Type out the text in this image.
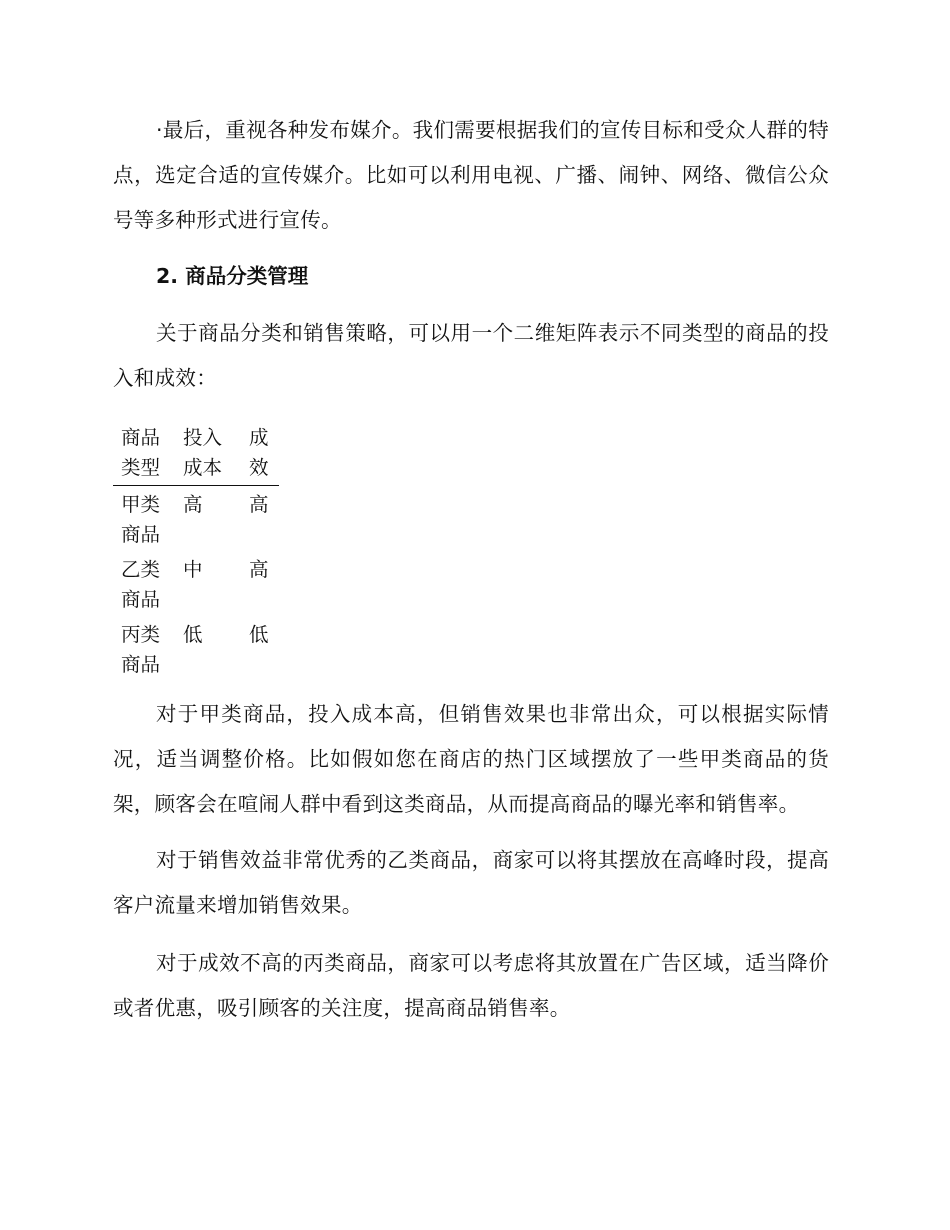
·最后，重视各种发布媒介。我们需要根据我们的宣传目标和受众人群的特点，选定合适的宣传媒介。比如可以利用电视、广播、闹钟、网络、微信公众号等多种形式进行宣传。

2. 商品分类管理

关于商品分类和销售策略，可以用一个二维矩阵表示不同类型的商品的投入和成效：

商品类型	投入成本	成效
甲类商品	高	高
乙类商品	中	高
丙类商品	低	低

对于甲类商品，投入成本高，但销售效果也非常出众，可以根据实际情况，适当调整价格。比如假如您在商店的热门区域摆放了一些甲类商品的货架，顾客会在喧闹人群中看到这类商品，从而提高商品的曝光率和销售率。

对于销售效益非常优秀的乙类商品，商家可以将其摆放在高峰时段，提高客户流量来增加销售效果。

对于成效不高的丙类商品，商家可以考虑将其放置在广告区域，适当降价或者优惠，吸引顾客的关注度，提高商品销售率。
